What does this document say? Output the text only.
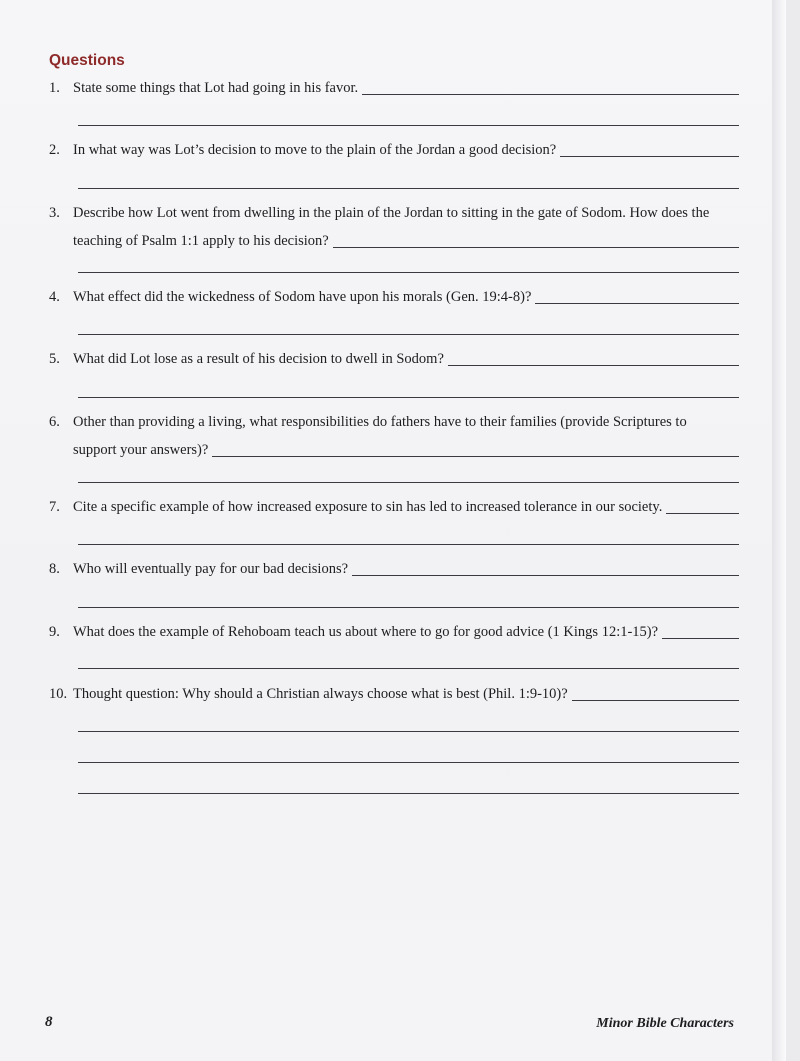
Questions
1. State some things that Lot had going in his favor.
2. In what way was Lot’s decision to move to the plain of the Jordan a good decision?
3. Describe how Lot went from dwelling in the plain of the Jordan to sitting in the gate of Sodom. How does the
teaching of Psalm 1:1 apply to his decision?
4. What effect did the wickedness of Sodom have upon his morals (Gen. 19:4-8)?
5. What did Lot lose as a result of his decision to dwell in Sodom?
6. Other than providing a living, what responsibilities do fathers have to their families (provide Scriptures to
support your answers)?
7. Cite a specific example of how increased exposure to sin has led to increased tolerance in our society.
8. Who will eventually pay for our bad decisions?
9. What does the example of Rehoboam teach us about where to go for good advice (1 Kings 12:1-15)?
10. Thought question: Why should a Christian always choose what is best (Phil. 1:9-10)?
8	Minor Bible Characters
